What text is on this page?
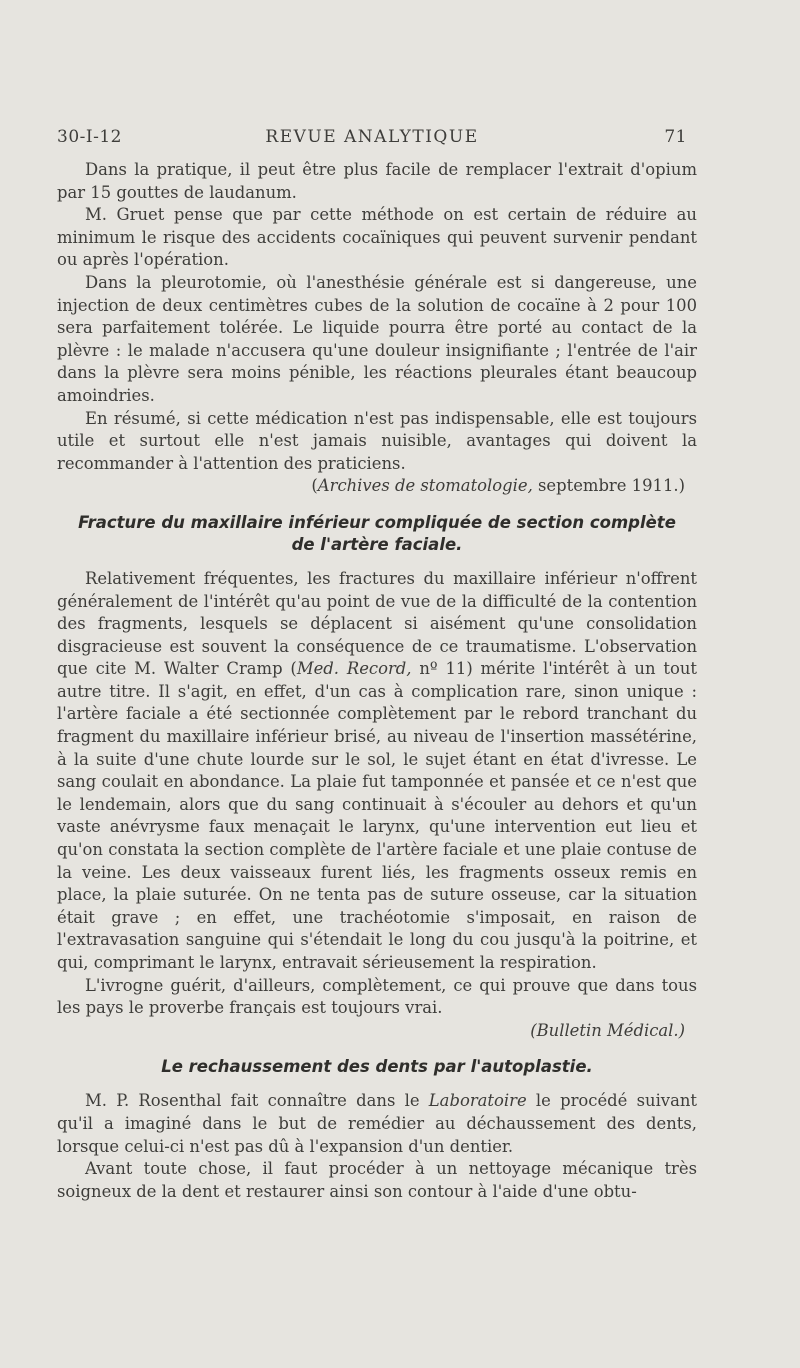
30-I-12	REVUE ANALYTIQUE	71

Dans la pratique, il peut être plus facile de remplacer l'extrait d'opium par 15 gouttes de laudanum.

M. Gruet pense que par cette méthode on est certain de réduire au minimum le risque des accidents cocaïniques qui peuvent survenir pendant ou après l'opération.

Dans la pleurotomie, où l'anesthésie générale est si dangereuse, une injection de deux centimètres cubes de la solution de cocaïne à 2 pour 100 sera parfaitement tolérée. Le liquide pourra être porté au contact de la plèvre : le malade n'accusera qu'une douleur insignifiante ; l'entrée de l'air dans la plèvre sera moins pénible, les réactions pleurales étant beaucoup amoindries.

En résumé, si cette médication n'est pas indispensable, elle est toujours utile et surtout elle n'est jamais nuisible, avantages qui doivent la recommander à l'attention des praticiens.

(Archives de stomatologie, septembre 1911.)

Fracture du maxillaire inférieur compliquée de section complète
de l'artère faciale.

Relativement fréquentes, les fractures du maxillaire inférieur n'offrent généralement de l'intérêt qu'au point de vue de la difficulté de la contention des fragments, lesquels se déplacent si aisément qu'une consolidation disgracieuse est souvent la conséquence de ce traumatisme. L'observation que cite M. Walter Cramp (Med. Record, nº 11) mérite l'intérêt à un tout autre titre. Il s'agit, en effet, d'un cas à complication rare, sinon unique : l'artère faciale a été sectionnée complètement par le rebord tranchant du fragment du maxillaire inférieur brisé, au niveau de l'insertion massétérine, à la suite d'une chute lourde sur le sol, le sujet étant en état d'ivresse. Le sang coulait en abondance. La plaie fut tamponnée et pansée et ce n'est que le lendemain, alors que du sang continuait à s'écouler au dehors et qu'un vaste anévrysme faux menaçait le larynx, qu'une intervention eut lieu et qu'on constata la section complète de l'artère faciale et une plaie contuse de la veine. Les deux vaisseaux furent liés, les fragments osseux remis en place, la plaie suturée. On ne tenta pas de suture osseuse, car la situation était grave ; en effet, une trachéotomie s'imposait, en raison de l'extravasation sanguine qui s'étendait le long du cou jusqu'à la poitrine, et qui, comprimant le larynx, entravait sérieusement la respiration.

L'ivrogne guérit, d'ailleurs, complètement, ce qui prouve que dans tous les pays le proverbe français est toujours vrai.

(Bulletin Médical.)

Le rechaussement des dents par l'autoplastie.

M. P. Rosenthal fait connaître dans le Laboratoire le procédé suivant qu'il a imaginé dans le but de remédier au déchaussement des dents, lorsque celui-ci n'est pas dû à l'expansion d'un dentier.

Avant toute chose, il faut procéder à un nettoyage mécanique très soigneux de la dent et restaurer ainsi son contour à l'aide d'une obtu-
